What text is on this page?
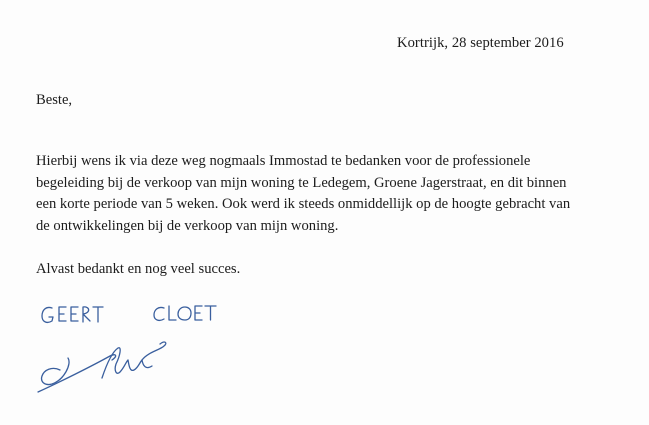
Kortrijk, 28 september 2016
Beste,
Hierbij wens ik via deze weg nogmaals Immostad te bedanken voor de professionele
begeleiding bij de verkoop van mijn woning te Ledegem, Groene Jagerstraat, en dit binnen
een korte periode van 5 weken. Ook werd ik steeds onmiddellijk op de hoogte gebracht van
de ontwikkelingen bij de verkoop van mijn woning.
Alvast bedankt en nog veel succes.
